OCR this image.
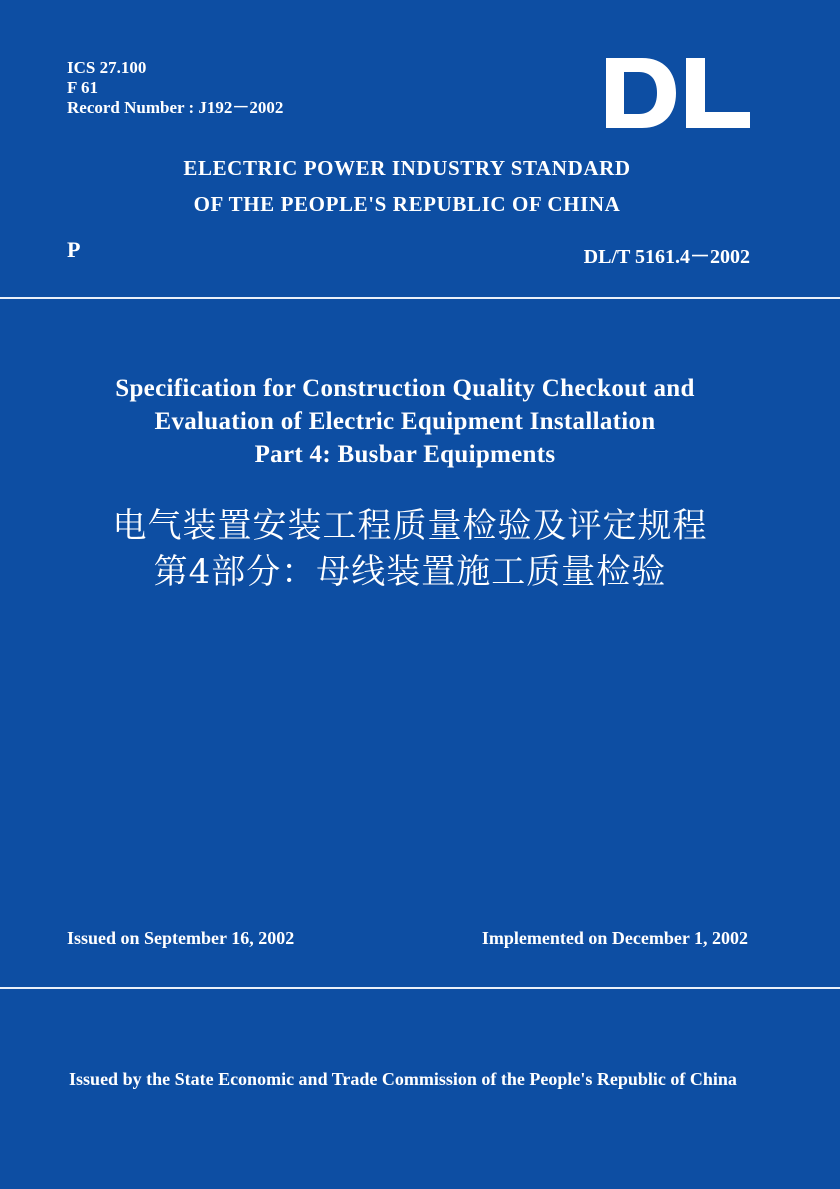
ICS 27.100
F 61
Record Number : J192－2002
ELECTRIC POWER INDUSTRY STANDARD
OF THE PEOPLE'S REPUBLIC OF CHINA
P	DL/T 5161.4－2002
Specification for Construction Quality Checkout and
Evaluation of Electric Equipment Installation
Part 4: Busbar Equipments
电气装置安装工程质量检验及评定规程
第4部分：母线装置施工质量检验
Issued on September 16, 2002	Implemented on December 1, 2002
Issued by the State Economic and Trade Commission of the People's Republic of China
